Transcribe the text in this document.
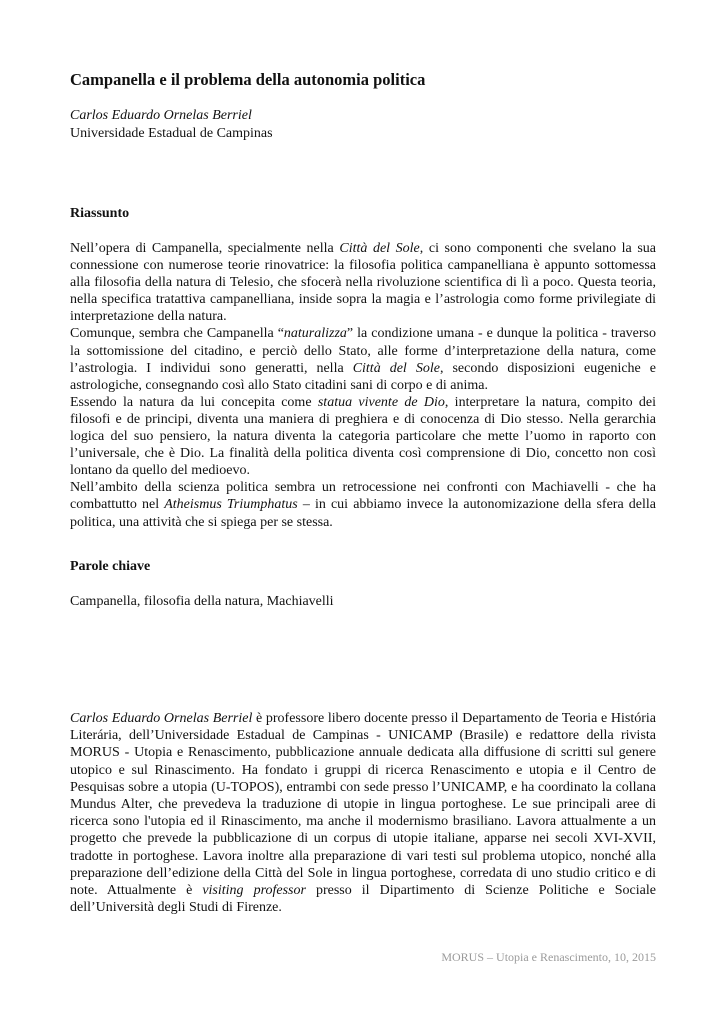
Campanella e il problema della autonomia politica
Carlos Eduardo Ornelas Berriel
Universidade Estadual de Campinas
Riassunto

Nell’opera di Campanella, specialmente nella Città del Sole, ci sono componenti che svelano la sua connessione con numerose teorie rinovatrice: la filosofia politica campanelliana è appunto sottomessa alla filosofia della natura di Telesio, che sfocerà nella rivoluzione scientifica di lì a poco. Questa teoria, nella specifica tratattiva campanelliana, inside sopra la magia e l’astrologia como forme privilegiate di interpretazione della natura.

Comunque, sembra che Campanella “naturalizza” la condizione umana - e dunque la politica - traverso la sottomissione del citadino, e perciò dello Stato, alle forme d’interpretazione della natura, come l’astrologia. I individui sono generatti, nella Città del Sole, secondo disposizioni eugeniche e astrologiche, consegnando così allo Stato citadini sani di corpo e di anima.

Essendo la natura da lui concepita come statua vivente de Dio, interpretare la natura, compito dei filosofi e de principi, diventa una maniera di preghiera e di conocenza di Dio stesso. Nella gerarchia logica del suo pensiero, la natura diventa la categoria particolare che mette l’uomo in raporto con l’universale, che è Dio. La finalità della politica diventa così comprensione di Dio, concetto non così lontano da quello del medioevo.

Nell’ambito della scienza politica sembra un retrocessione nei confronti con Machiavelli - che ha combattutto nel Atheismus Triumphatus – in cui abbiamo invece la autonomizazione della sfera della politica, una attività che si spiega per se stessa.

Parole chiave
Campanella, filosofia della natura, Machiavelli

Carlos Eduardo Ornelas Berriel è professore libero docente presso il Departamento de Teoria e História Literária, dell’Universidade Estadual de Campinas - UNICAMP (Brasile) e redattore della rivista MORUS - Utopia e Renascimento, pubblicazione annuale dedicata alla diffusione di scritti sul genere utopico e sul Rinascimento. Ha fondato i gruppi di ricerca Renascimento e utopia e il Centro de Pesquisas sobre a utopia (U-TOPOS), entrambi con sede presso l’UNICAMP, e ha coordinato la collana Mundus Alter, che prevedeva la traduzione di utopie in lingua portoghese. Le sue principali aree di ricerca sono l'utopia ed il Rinascimento, ma anche il modernismo brasiliano. Lavora attualmente a un progetto che prevede la pubblicazione di un corpus di utopie italiane, apparse nei secoli XVI-XVII, tradotte in portoghese. Lavora inoltre alla preparazione di vari testi sul problema utopico, nonché alla preparazione dell’edizione della Città del Sole in lingua portoghese, corredata di uno studio critico e di note. Attualmente è visiting professor presso il Dipartimento di Scienze Politiche e Sociale dell’Università degli Studi di Firenze.

MORUS – Utopia e Renascimento, 10, 2015
